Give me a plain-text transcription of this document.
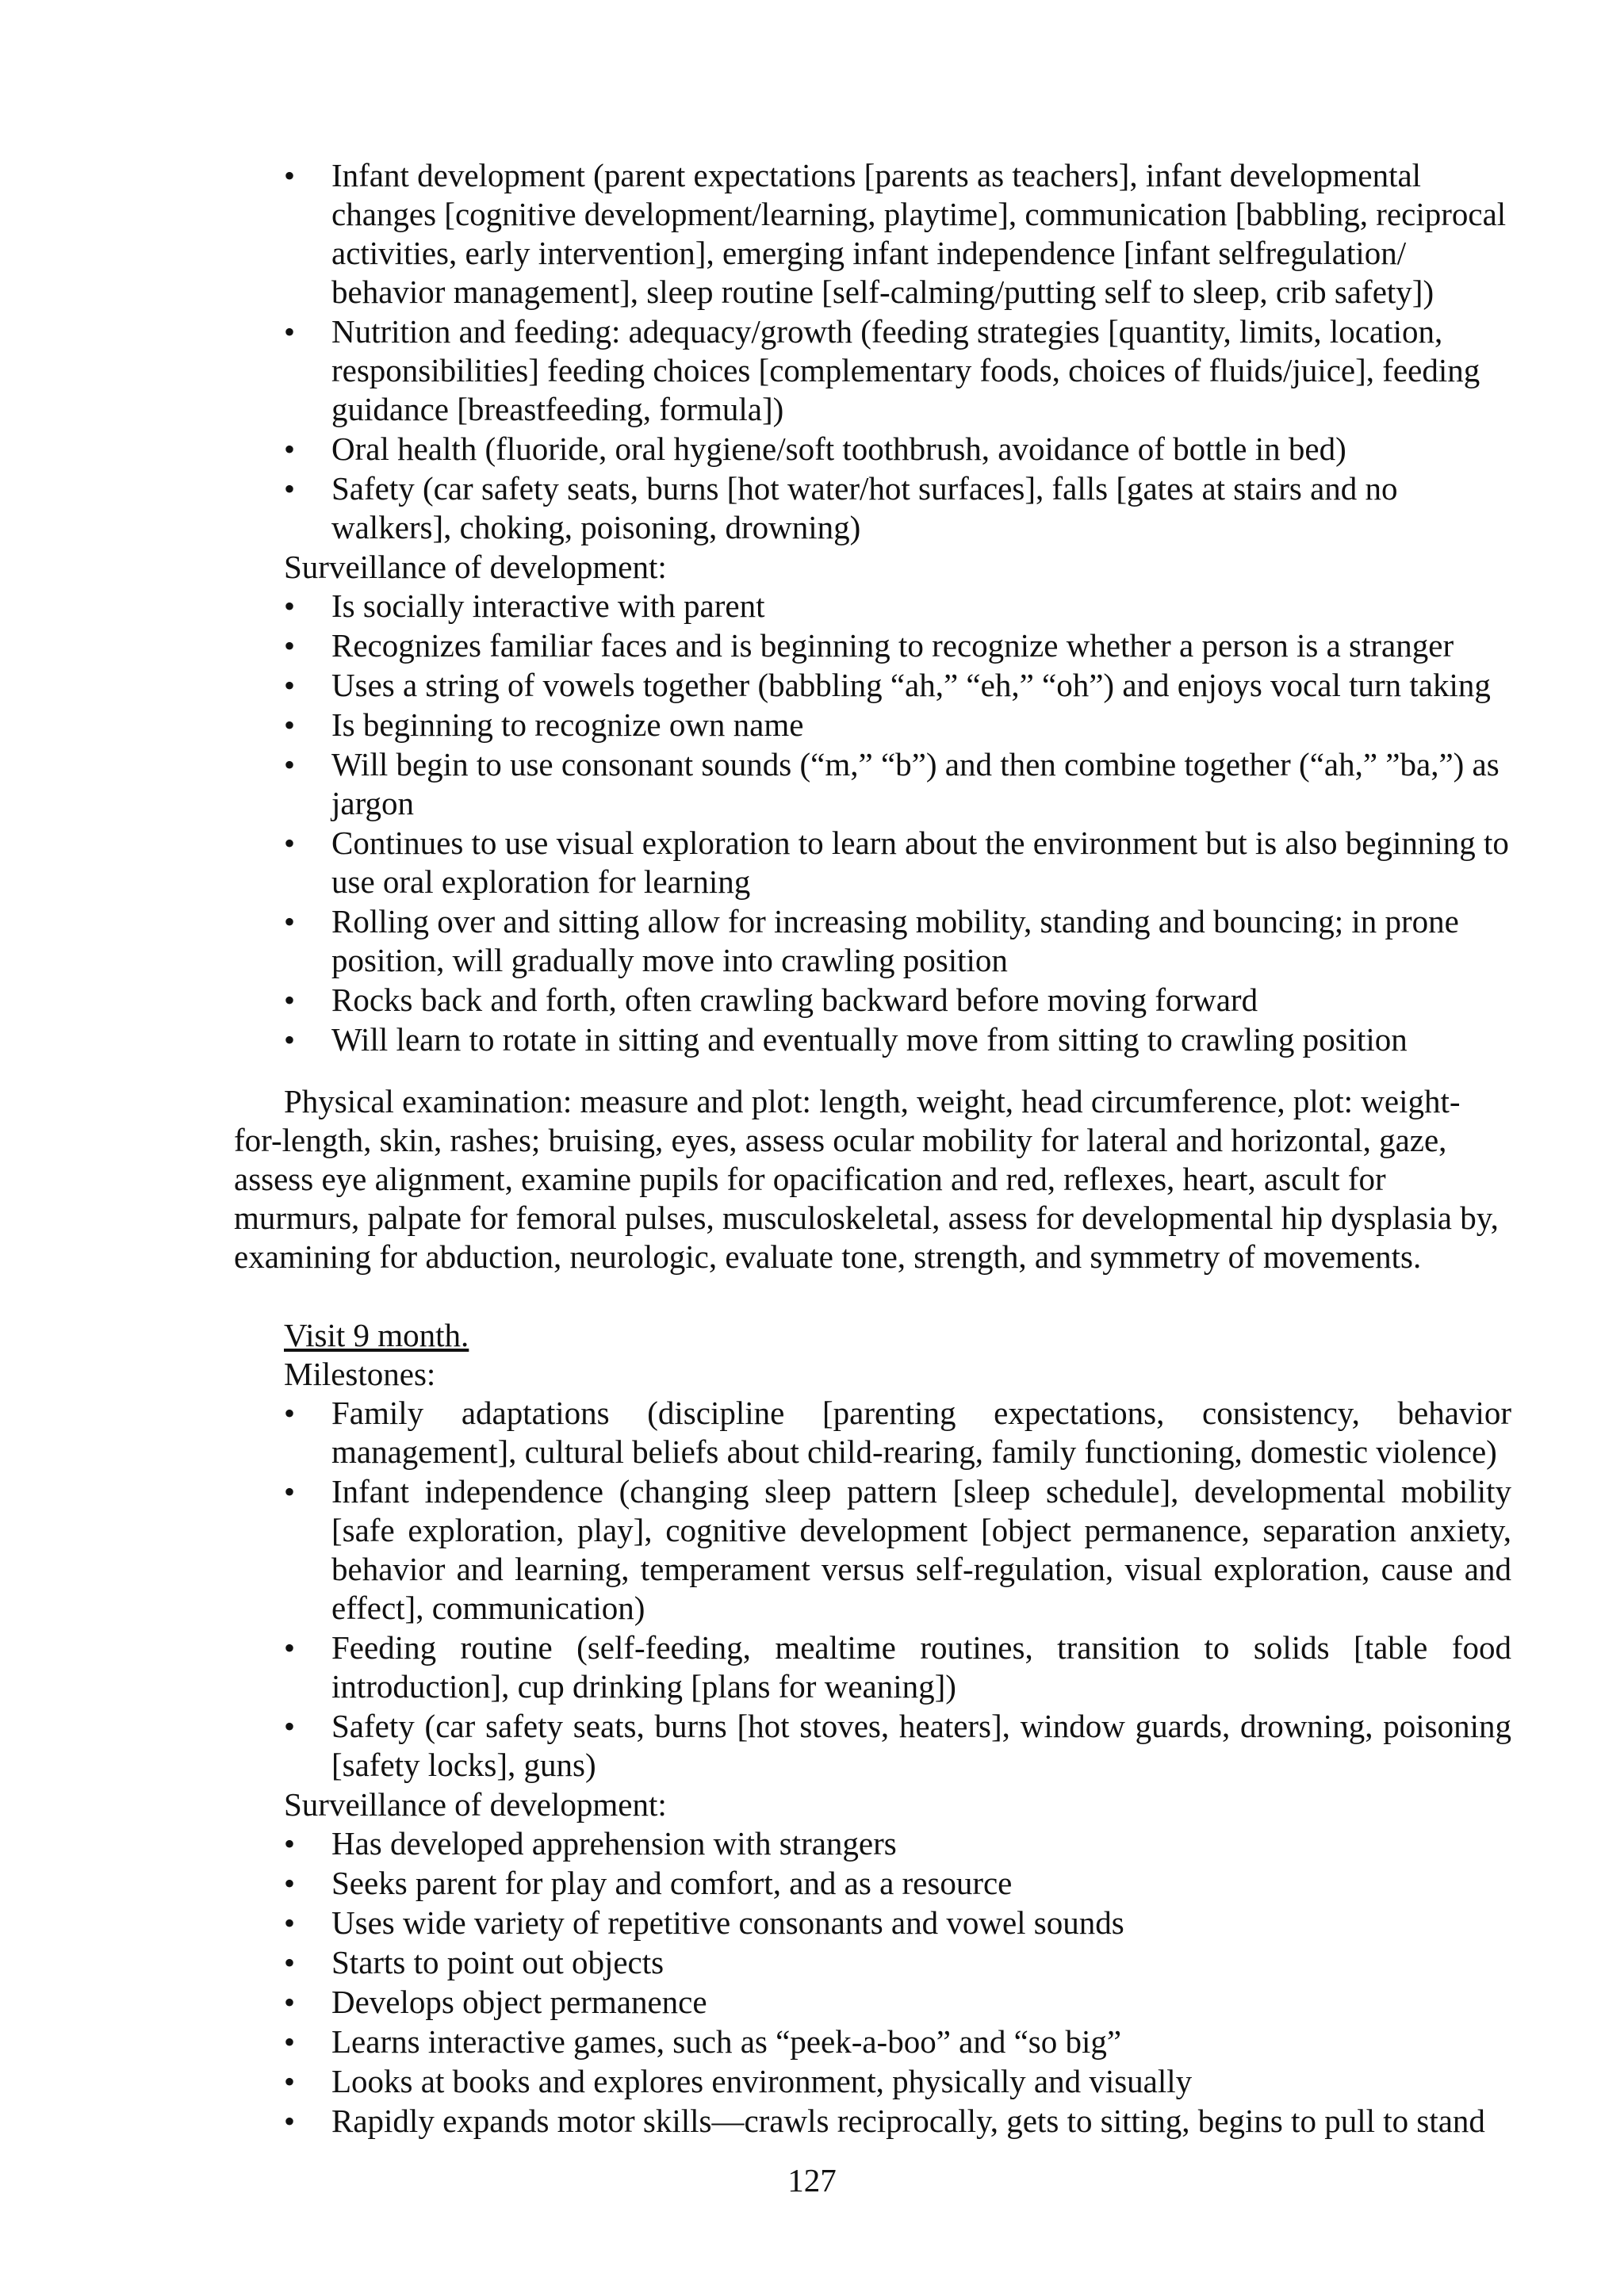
• Infant development (parent expectations [parents as teachers], infant developmental changes [cognitive development/learning, playtime], communication [babbling, reciprocal activities, early intervention], emerging infant independence [infant selfregulation/ behavior management], sleep routine [self-calming/putting self to sleep, crib safety])
• Nutrition and feeding: adequacy/growth (feeding strategies [quantity, limits, location, responsibilities] feeding choices [complementary foods, choices of fluids/juice], feeding guidance [breastfeeding, formula])
• Oral health (fluoride, oral hygiene/soft toothbrush, avoidance of bottle in bed)
• Safety (car safety seats, burns [hot water/hot surfaces], falls [gates at stairs and no walkers], choking, poisoning, drowning)

Surveillance of development:

• Is socially interactive with parent
• Recognizes familiar faces and is beginning to recognize whether a person is a stranger
• Uses a string of vowels together (babbling “ah,” “eh,” “oh”) and enjoys vocal turn taking
• Is beginning to recognize own name
• Will begin to use consonant sounds (“m,” “b”) and then combine together (“ah,” ”ba,”) as jargon
• Continues to use visual exploration to learn about the environment but is also beginning to use oral exploration for learning
• Rolling over and sitting allow for increasing mobility, standing and bouncing; in prone position, will gradually move into crawling position
• Rocks back and forth, often crawling backward before moving forward
• Will learn to rotate in sitting and eventually move from sitting to crawling position
Physical examination: measure and plot: length, weight, head circumference, plot: weight-
for-length, skin, rashes; bruising, eyes, assess ocular mobility for lateral and horizontal, gaze,
assess eye alignment, examine pupils for opacification and red, reflexes, heart, ascult for
murmurs, palpate for femoral pulses, musculoskeletal, assess for developmental hip dysplasia by,
examining for abduction, neurologic, evaluate tone, strength, and symmetry of movements.

Visit 9 month.

Milestones:

• Family adaptations (discipline [parenting expectations, consistency, behavior management], cultural beliefs about child-rearing, family functioning, domestic violence)
• Infant independence (changing sleep pattern [sleep schedule], developmental mobility [safe exploration, play], cognitive development [object permanence, separation anxiety, behavior and learning, temperament versus self-regulation, visual exploration, cause and effect], communication)
• Feeding routine (self-feeding, mealtime routines, transition to solids [table food introduction], cup drinking [plans for weaning])
• Safety (car safety seats, burns [hot stoves, heaters], window guards, drowning, poisoning [safety locks], guns)

Surveillance of development:

• Has developed apprehension with strangers
• Seeks parent for play and comfort, and as a resource
• Uses wide variety of repetitive consonants and vowel sounds
• Starts to point out objects
• Develops object permanence
• Learns interactive games, such as “peek-a-boo” and “so big”
• Looks at books and explores environment, physically and visually
• Rapidly expands motor skills—crawls reciprocally, gets to sitting, begins to pull to stand
127
